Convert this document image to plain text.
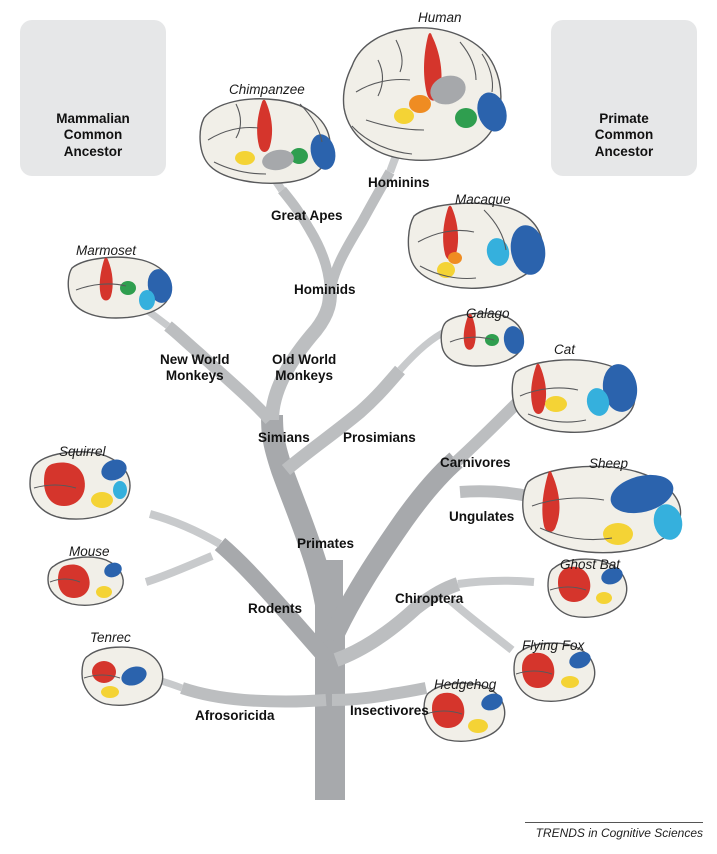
Mammalian
Common
Ancestor
Primate
Common
Ancestor
Human
Chimpanzee
Macaque
Marmoset
Galago
Cat
Sheep
Squirrel
Mouse
Ghost Bat
Flying Fox
Tenrec
Hedgehog
Hominins
Great Apes
Hominids
New World
Monkeys
Old World
Monkeys
Simians Prosimians
Carnivores
Ungulates
Primates
Chiroptera
Rodents
Insectivores
Afrosoricida
TRENDS in Cognitive Sciences
